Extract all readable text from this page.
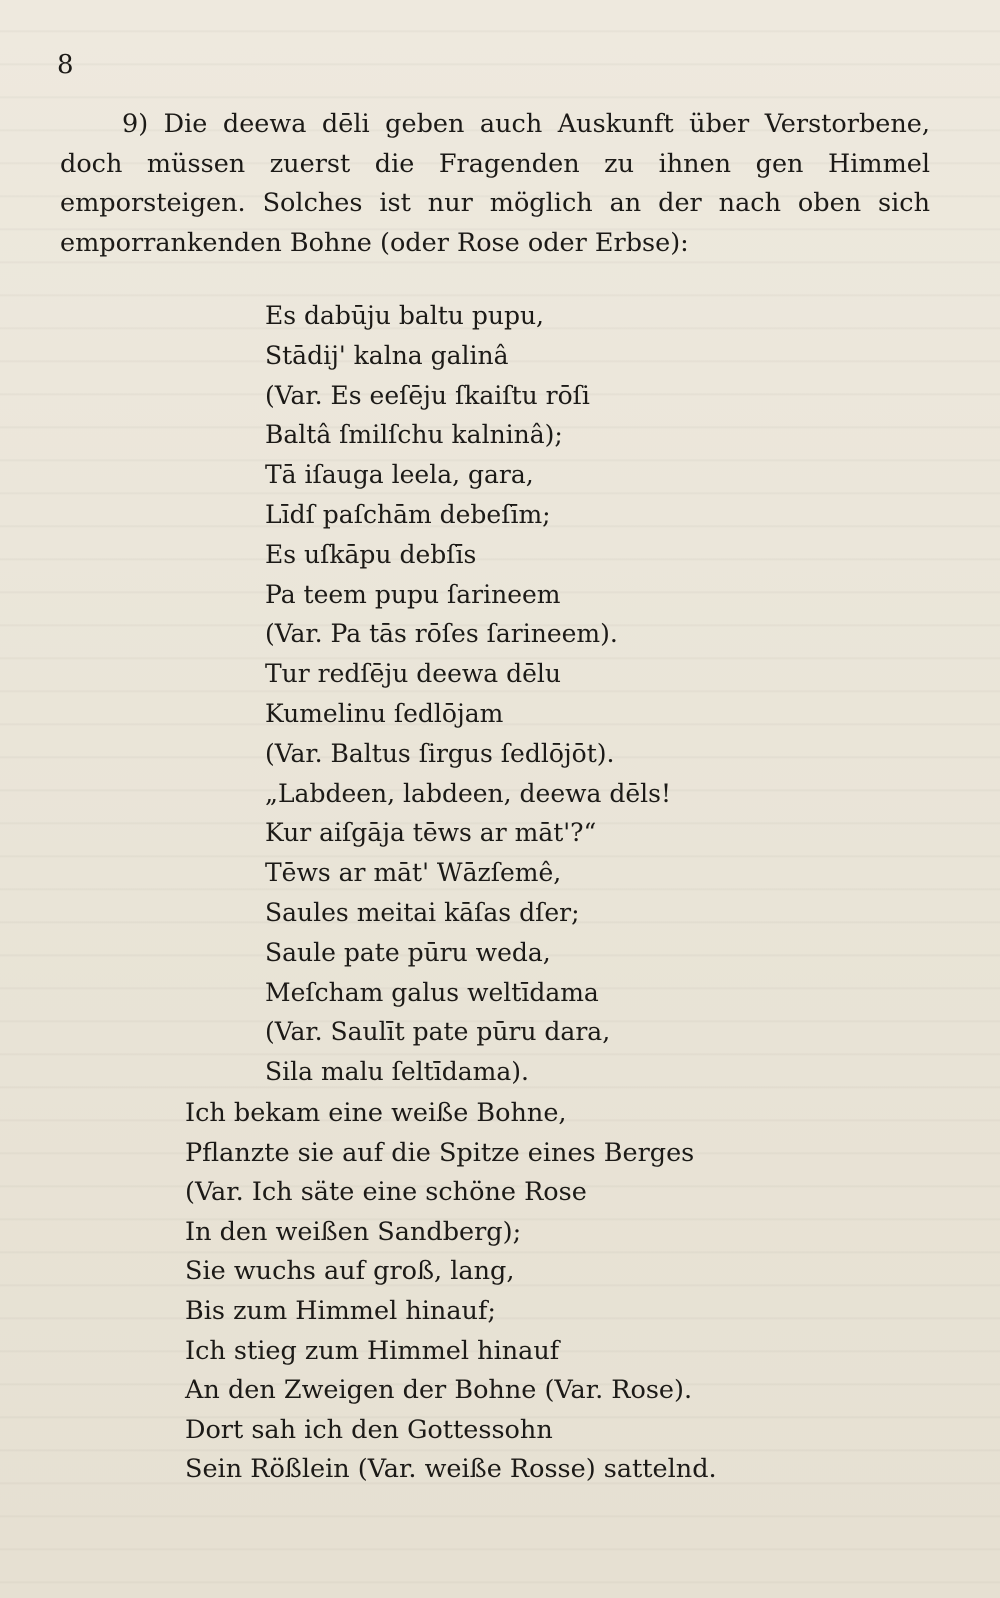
8

9) Die deewa dēli geben auch Auskunft über Verstorbene, doch müssen zuerst die Fragenden zu ihnen gen Himmel emporsteigen. Solches ist nur möglich an der nach oben sich emporrankenden Bohne (oder Rose oder Erbse):

Es dabūju baltu pupu,
Stādij' kalna galinâ
(Var. Es eeſēju ſkaiſtu rōſi
Baltâ ſmilſchu kalninâ);
Tā iſauga leela, gara,
Līdſ paſchām debeſīm;
Es uſkāpu debſīs
Pa teem pupu ſarineem
(Var. Pa tās rōſes ſarineem).
Tur redſēju deewa dēlu
Kumelinu ſedlōjam
(Var. Baltus ſirgus ſedlōjōt).
„Labdeen, labdeen, deewa dēls!
Kur aiſgāja tēws ar māt'?“
Tēws ar māt' Wāzſemê,
Saules meitai kāſas dſer;
Saule pate pūru weda,
Meſcham galus weltīdama
(Var. Saulīt pate pūru dara,
Sila malu ſeltīdama).
Ich bekam eine weiße Bohne,
Pflanzte sie auf die Spitze eines Berges
(Var. Ich säte eine schöne Rose
In den weißen Sandberg);
Sie wuchs auf groß, lang,
Bis zum Himmel hinauf;
Ich stieg zum Himmel hinauf
An den Zweigen der Bohne (Var. Rose).
Dort sah ich den Gottessohn
Sein Rößlein (Var. weiße Rosse) sattelnd.
